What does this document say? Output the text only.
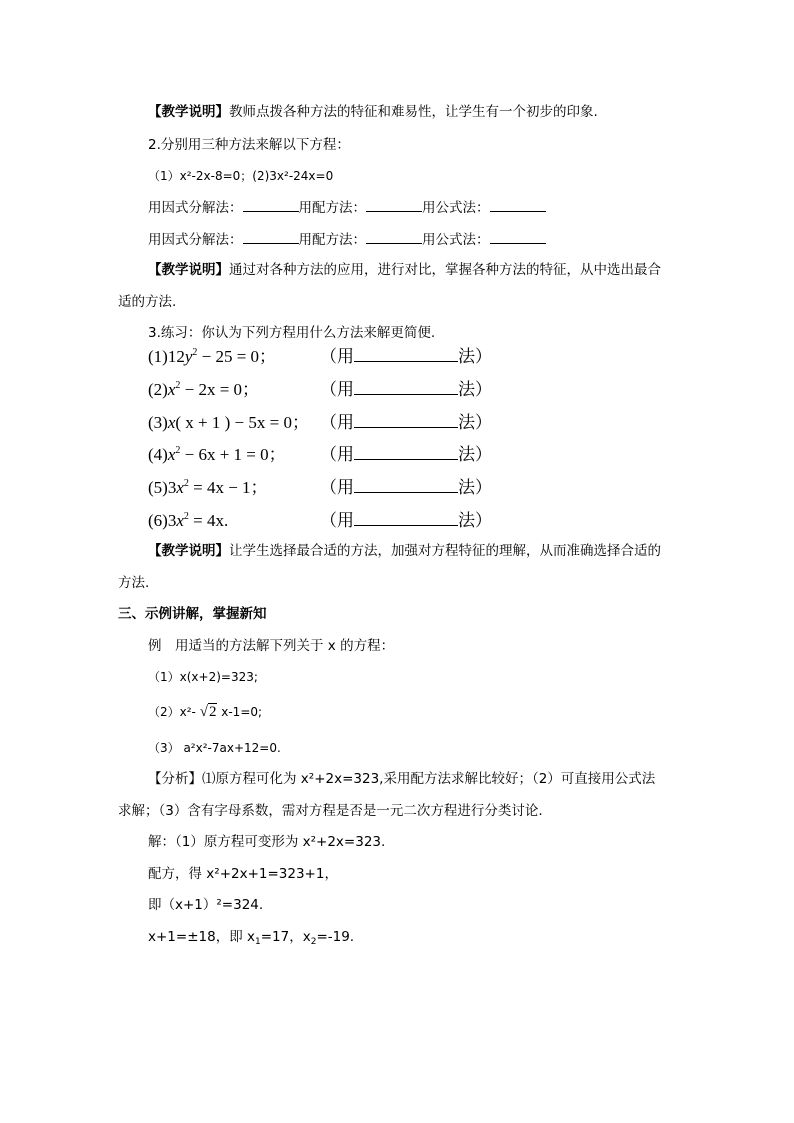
【教学说明】教师点拨各种方法的特征和难易性，让学生有一个初步的印象.
2.分别用三种方法来解以下方程：
（1）x²-2x-8=0；(2)3x²-24x=0
用因式分解法：	用配方法：	用公式法：
用因式分解法：	用配方法：	用公式法：
【教学说明】通过对各种方法的应用，进行对比，掌握各种方法的特征，从中选出最合
适的方法.
3.练习：你认为下列方程用什么方法来解更简便.
$(1)12y^2 - 25 = 0$；	（用	法）
$(2)x^2 - 2x = 0$；	（用	法）
(3)x( x + 1 ) − 5x = 0； （用	法）
$(4)x^2 - 6x + 1 = 0$； （用	法）
$(5)3x^2 = 4x - 1$；	（用	法）
$(6)3x^2 = 4x$.	（用	法）
【教学说明】让学生选择最合适的方法，加强对方程特征的理解，从而准确选择合适的
方法.
三、示例讲解，掌握新知
例　用适当的方法解下列关于 x 的方程：
（1）x(x+2)=323;
（2）x²- √2 x-1=0;
（3） a²x²-7ax+12=0.
【分析】⑴原方程可化为 x²+2x=323,采用配方法求解比较好；（2）可直接用公式法
求解；（3）含有字母系数，需对方程是否是一元二次方程进行分类讨论.
解：（1）原方程可变形为 x²+2x=323.
配方，得 x²+2x+1=323+1，
即（x+1）²=324.
x+1=±18，即 $x_1=17$，$x_2=-19$.
